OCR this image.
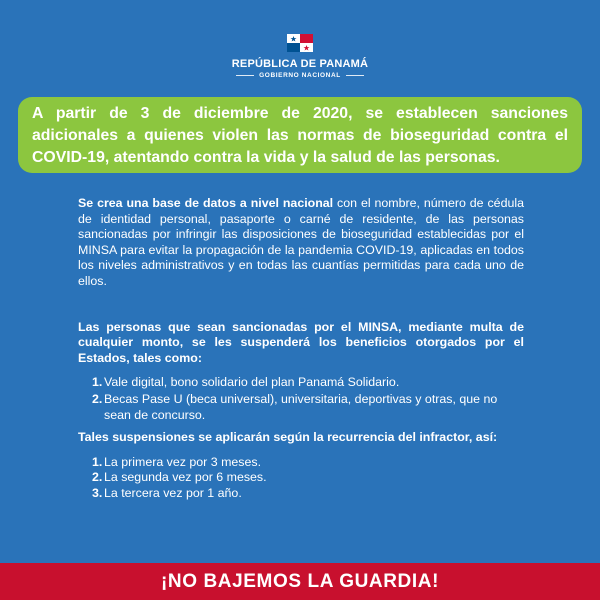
REPÚBLICA DE PANAMÁ
GOBIERNO NACIONAL
A partir de 3 de diciembre de 2020, se establecen sanciones adicionales a quienes violen las normas de bioseguridad contra el COVID-19, atentando contra la vida y la salud de las personas.

Se crea una base de datos a nivel nacional con el nombre, número de cédula de identidad personal, pasaporte o carné de residente, de las personas sancionadas por infringir las disposiciones de bioseguridad establecidas por el MINSA para evitar la propagación de la pandemia COVID-19, aplicadas en todos los niveles administrativos y en todas las cuantías permitidas para cada uno de ellos.

Las personas que sean sancionadas por el MINSA, mediante multa de cualquier monto, se les suspenderá los beneficios otorgados por el Estados, tales como:

1. Vale digital, bono solidario del plan Panamá Solidario.
2. Becas Pase U (beca universal), universitaria, deportivas y otras, que no sean de concurso.

Tales suspensiones se aplicarán según la recurrencia del infractor, así:

1. La primera vez por 3 meses.
2. La segunda vez por 6 meses.
3. La tercera vez por 1 año.
¡NO BAJEMOS LA GUARDIA!
